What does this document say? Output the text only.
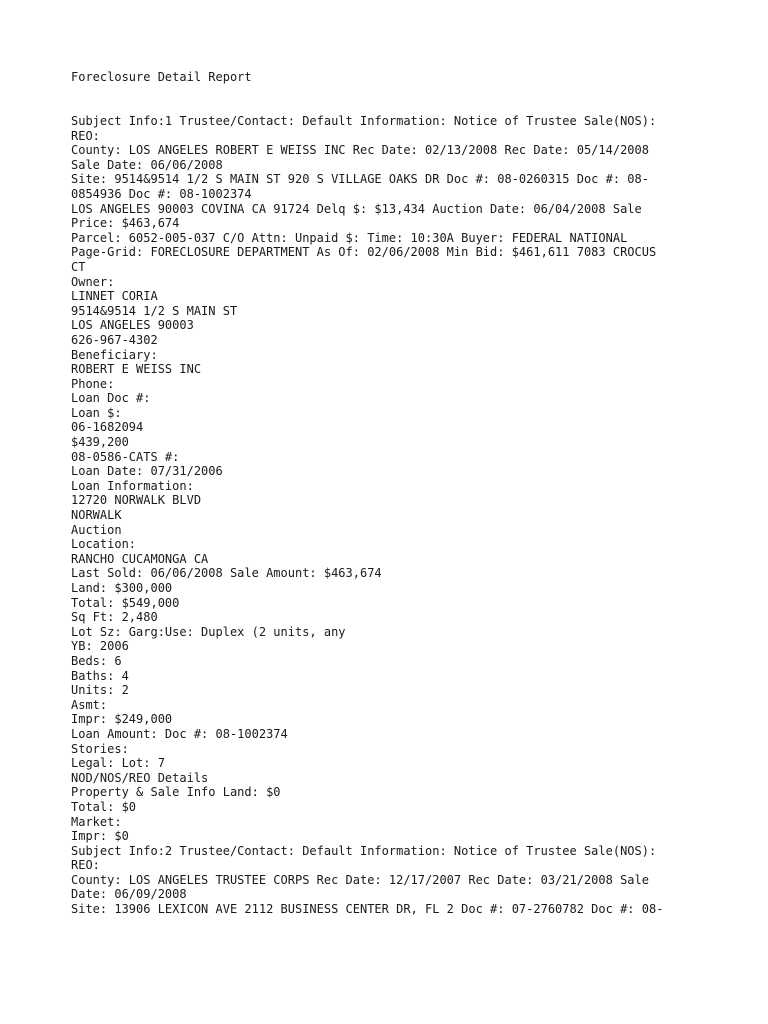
Foreclosure Detail Report
Subject Info:1 Trustee/Contact: Default Information: Notice of Trustee Sale(NOS):
REO:
County: LOS ANGELES ROBERT E WEISS INC Rec Date: 02/13/2008 Rec Date: 05/14/2008
Sale Date: 06/06/2008
Site: 9514&9514 1/2 S MAIN ST 920 S VILLAGE OAKS DR Doc #: 08-0260315 Doc #: 08-
0854936 Doc #: 08-1002374
LOS ANGELES 90003 COVINA CA 91724 Delq $: $13,434 Auction Date: 06/04/2008 Sale
Price: $463,674
Parcel: 6052-005-037 C/O Attn: Unpaid $: Time: 10:30A Buyer: FEDERAL NATIONAL
Page-Grid: FORECLOSURE DEPARTMENT As Of: 02/06/2008 Min Bid: $461,611 7083 CROCUS
CT
Owner:
LINNET CORIA
9514&9514 1/2 S MAIN ST
LOS ANGELES 90003
626-967-4302
Beneficiary:
ROBERT E WEISS INC
Phone:
Loan Doc #:
Loan $:
06-1682094
$439,200
08-0586-CATS #:
Loan Date: 07/31/2006
Loan Information:
12720 NORWALK BLVD
NORWALK
Auction
Location:
RANCHO CUCAMONGA CA
Last Sold: 06/06/2008 Sale Amount: $463,674
Land: $300,000
Total: $549,000
Sq Ft: 2,480
Lot Sz: Garg:Use: Duplex (2 units, any
YB: 2006
Beds: 6
Baths: 4
Units: 2
Asmt:
Impr: $249,000
Loan Amount: Doc #: 08-1002374
Stories:
Legal: Lot: 7
NOD/NOS/REO Details
Property & Sale Info Land: $0
Total: $0
Market:
Impr: $0
Subject Info:2 Trustee/Contact: Default Information: Notice of Trustee Sale(NOS):
REO:
County: LOS ANGELES TRUSTEE CORPS Rec Date: 12/17/2007 Rec Date: 03/21/2008 Sale
Date: 06/09/2008
Site: 13906 LEXICON AVE 2112 BUSINESS CENTER DR, FL 2 Doc #: 07-2760782 Doc #: 08-
